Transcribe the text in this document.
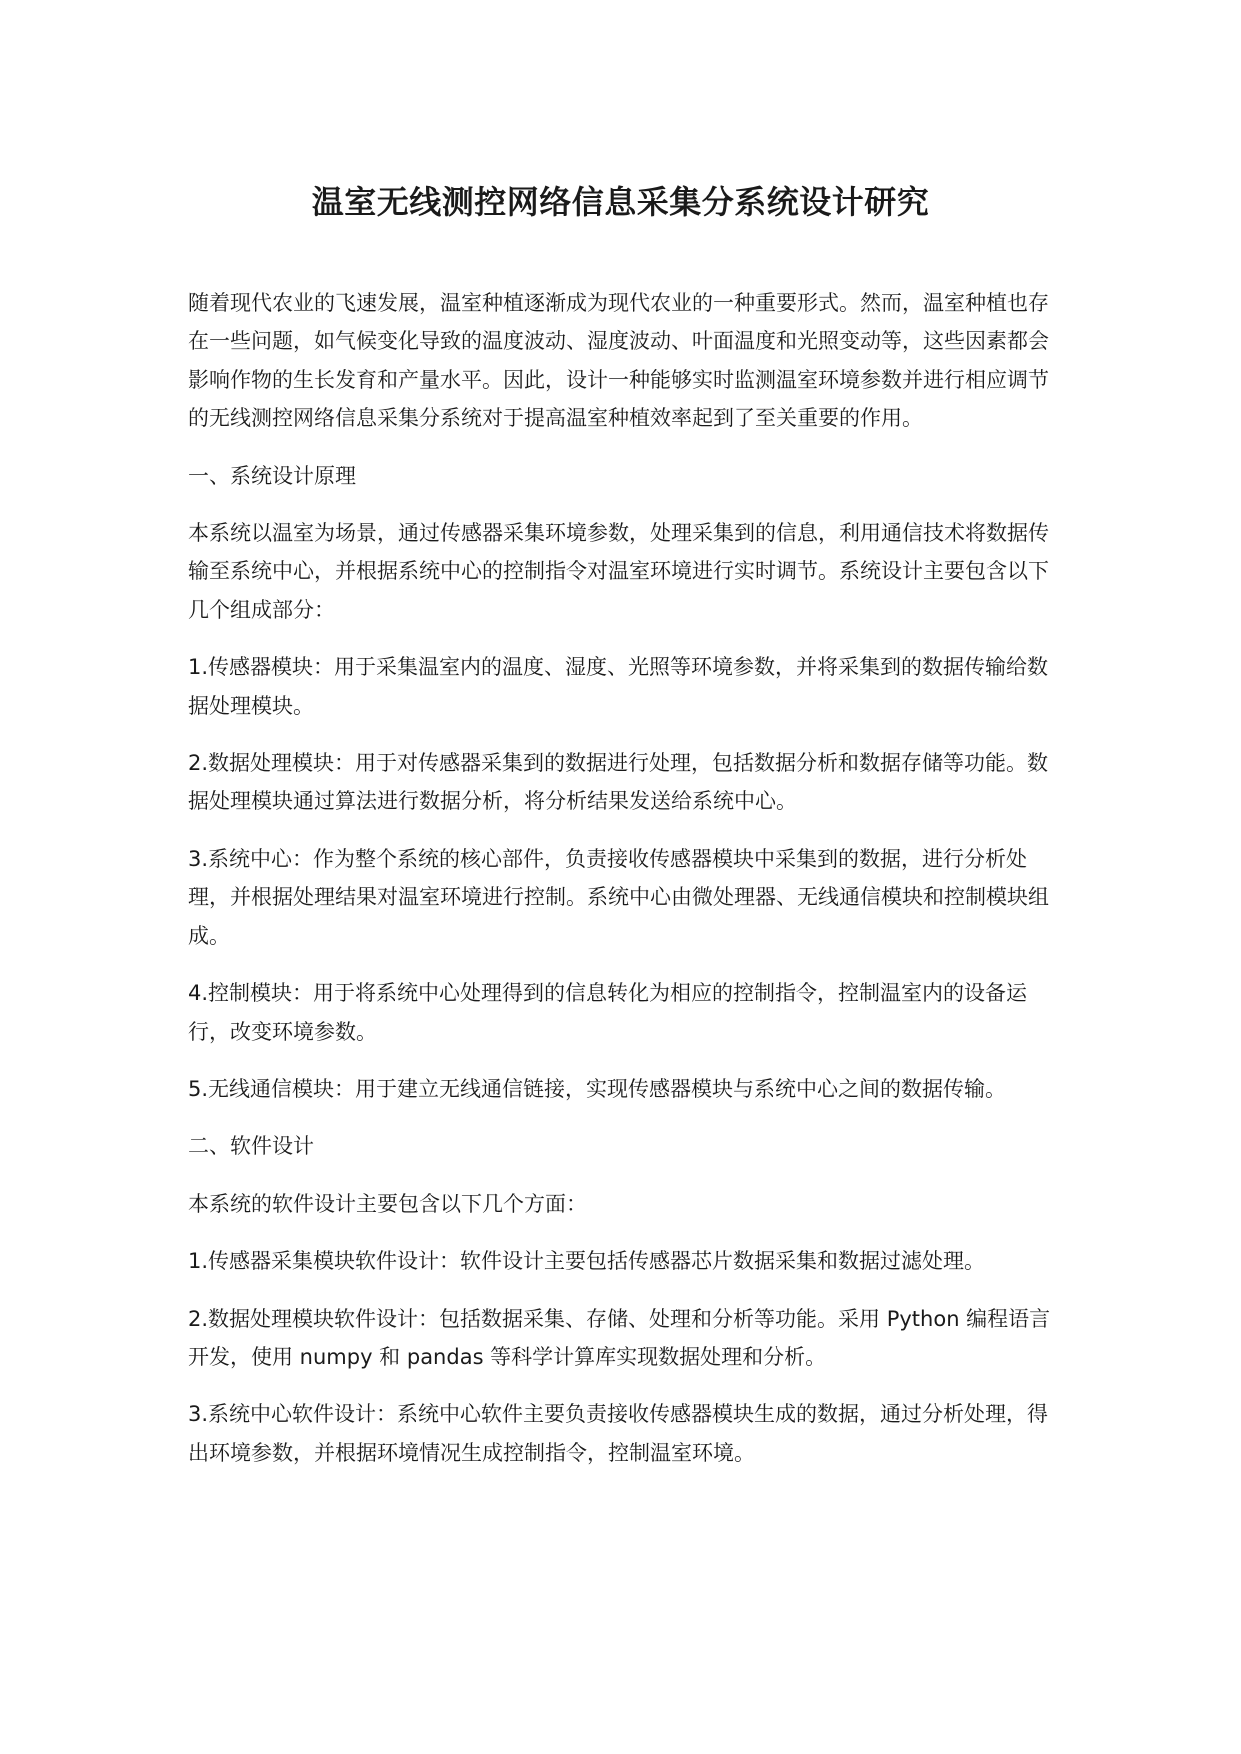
温室无线测控网络信息采集分系统设计研究

随着现代农业的飞速发展，温室种植逐渐成为现代农业的一种重要形式。然而，温室种植也存在一些问题，如气候变化导致的温度波动、湿度波动、叶面温度和光照变动等，这些因素都会影响作物的生长发育和产量水平。因此，设计一种能够实时监测温室环境参数并进行相应调节的无线测控网络信息采集分系统对于提高温室种植效率起到了至关重要的作用。

一、系统设计原理

本系统以温室为场景，通过传感器采集环境参数，处理采集到的信息，利用通信技术将数据传输至系统中心，并根据系统中心的控制指令对温室环境进行实时调节。系统设计主要包含以下几个组成部分：

1.传感器模块：用于采集温室内的温度、湿度、光照等环境参数，并将采集到的数据传输给数据处理模块。

2.数据处理模块：用于对传感器采集到的数据进行处理，包括数据分析和数据存储等功能。数据处理模块通过算法进行数据分析，将分析结果发送给系统中心。

3.系统中心：作为整个系统的核心部件，负责接收传感器模块中采集到的数据，进行分析处理，并根据处理结果对温室环境进行控制。系统中心由微处理器、无线通信模块和控制模块组成。

4.控制模块：用于将系统中心处理得到的信息转化为相应的控制指令，控制温室内的设备运行，改变环境参数。

5.无线通信模块：用于建立无线通信链接，实现传感器模块与系统中心之间的数据传输。

二、软件设计

本系统的软件设计主要包含以下几个方面：

1.传感器采集模块软件设计：软件设计主要包括传感器芯片数据采集和数据过滤处理。

2.数据处理模块软件设计：包括数据采集、存储、处理和分析等功能。采用 Python 编程语言开发，使用 numpy 和 pandas 等科学计算库实现数据处理和分析。

3.系统中心软件设计：系统中心软件主要负责接收传感器模块生成的数据，通过分析处理，得出环境参数，并根据环境情况生成控制指令，控制温室环境。
